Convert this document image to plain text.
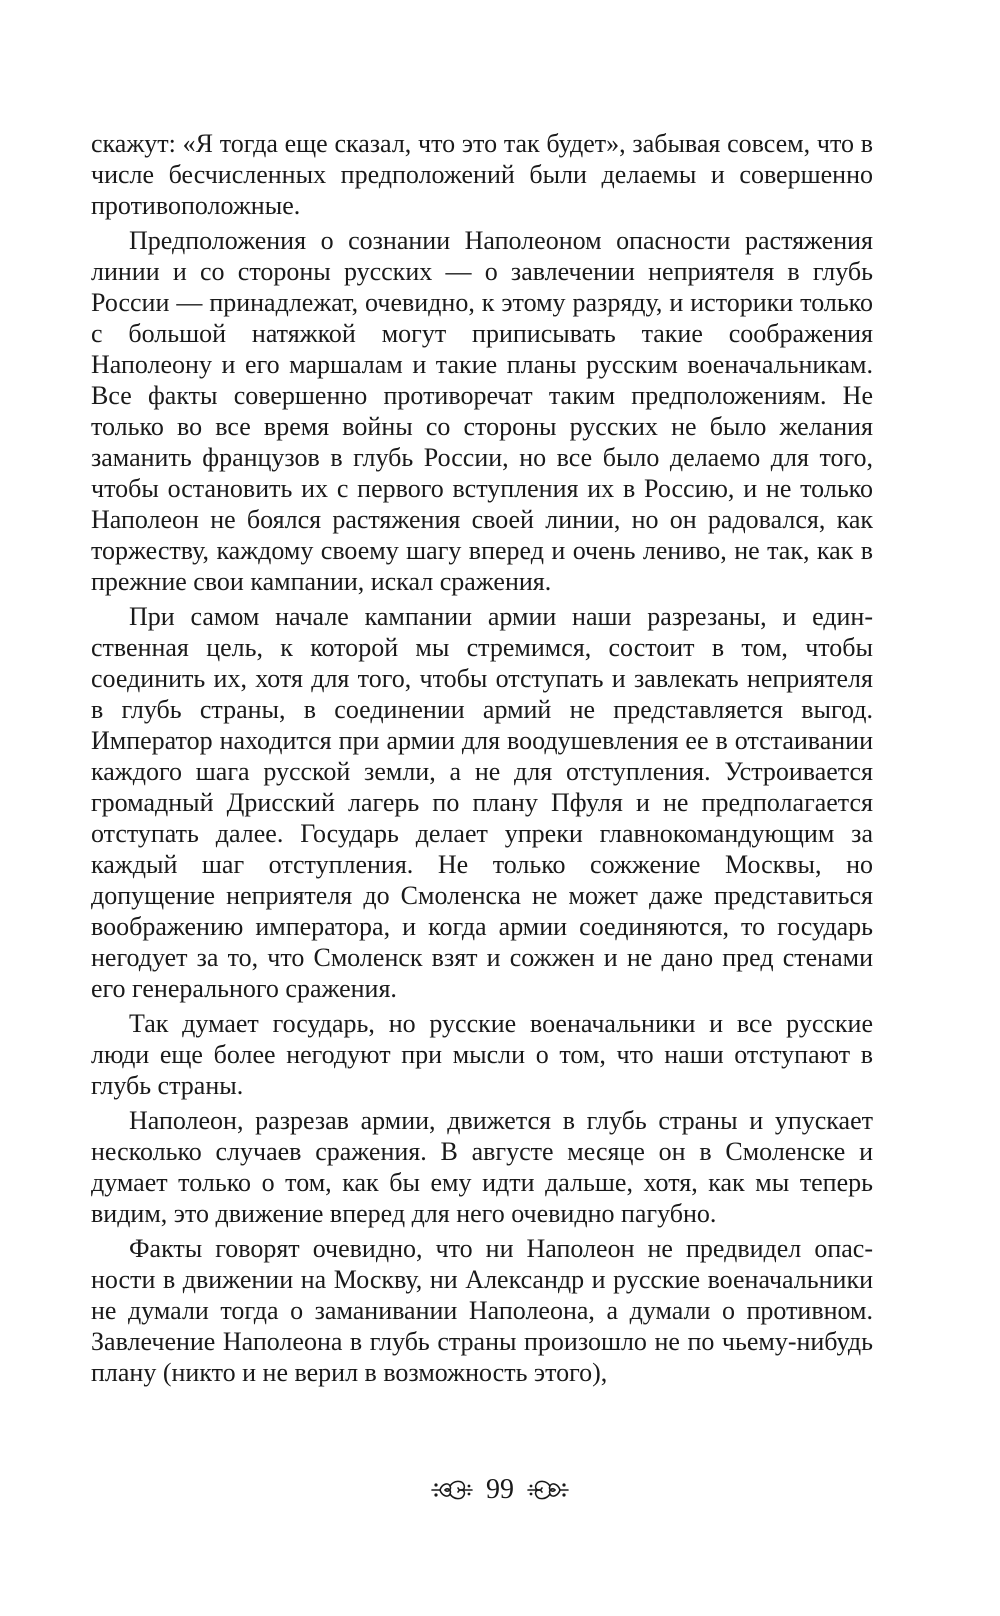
скажут: «Я тогда еще сказал, что это так будет», забывая совсем, что в числе бесчисленных предположений были делаемы и совершенно противоположные.

Предположения о сознании Наполеоном опасности растяжения линии и со стороны русских — о завлечении неприятеля в глубь России — принадлежат, очевидно, к этому разряду, и историки только с большой натяжкой могут приписывать такие соображения Наполеону и его маршалам и такие планы русским военачальникам. Все факты совершенно противоречат таким предположениям. Не только во все время войны со стороны русских не было желания заманить французов в глубь России, но все было делаемо для того, чтобы остановить их с первого вступления их в Россию, и не только Наполеон не боялся растяжения своей линии, но он радовался, как торжеству, каждому своему шагу вперед и очень лениво, не так, как в прежние свои кампании, искал сражения.

При самом начале кампании армии наши разрезаны, и единственная цель, к которой мы стремимся, состоит в том, чтобы соединить их, хотя для того, чтобы отступать и завлекать неприятеля в глубь страны, в соединении армий не представляется выгод. Император находится при армии для воодушевления ее в отстаивании каждого шага русской земли, а не для отступления. Устроивается громадный Дрисский лагерь по плану Пфуля и не предполагается отступать далее. Государь делает упреки главнокомандующим за каждый шаг отступления. Не только сожжение Москвы, но допущение неприятеля до Смоленска не может даже представиться воображению императора, и когда армии соединяются, то государь негодует за то, что Смоленск взят и сожжен и не дано пред стенами его генерального сражения.

Так думает государь, но русские военачальники и все русские люди еще более негодуют при мысли о том, что наши отступают в глубь страны.

Наполеон, разрезав армии, движется в глубь страны и упускает несколько случаев сражения. В августе месяце он в Смоленске и думает только о том, как бы ему идти дальше, хотя, как мы теперь видим, это движение вперед для него очевидно пагубно.

Факты говорят очевидно, что ни Наполеон не предвидел опасности в движении на Москву, ни Александр и русские военачальники не думали тогда о заманивании Наполеона, а думали о противном. Завлечение Наполеона в глубь страны произошло не по чьему-нибудь плану (никто и не верил в возможность этого),

99
